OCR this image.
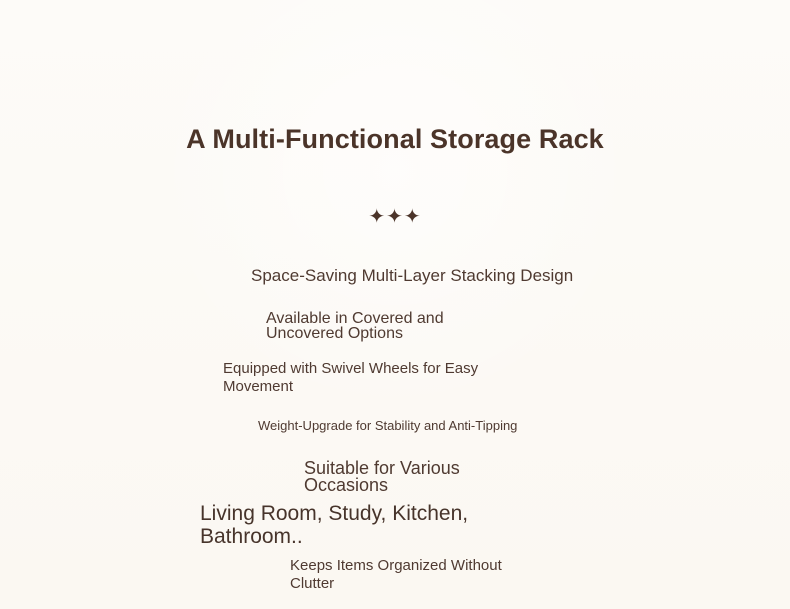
A Multi-Functional Storage Rack
✦✦✦
Space-Saving Multi-Layer Stacking Design
Available in Covered and Uncovered Options
Equipped with Swivel Wheels for Easy Movement
Weight-Upgrade for Stability and Anti-Tipping
Suitable for Various Occasions
Living Room, Study, Kitchen, Bathroom..
Keeps Items Organized Without Clutter
